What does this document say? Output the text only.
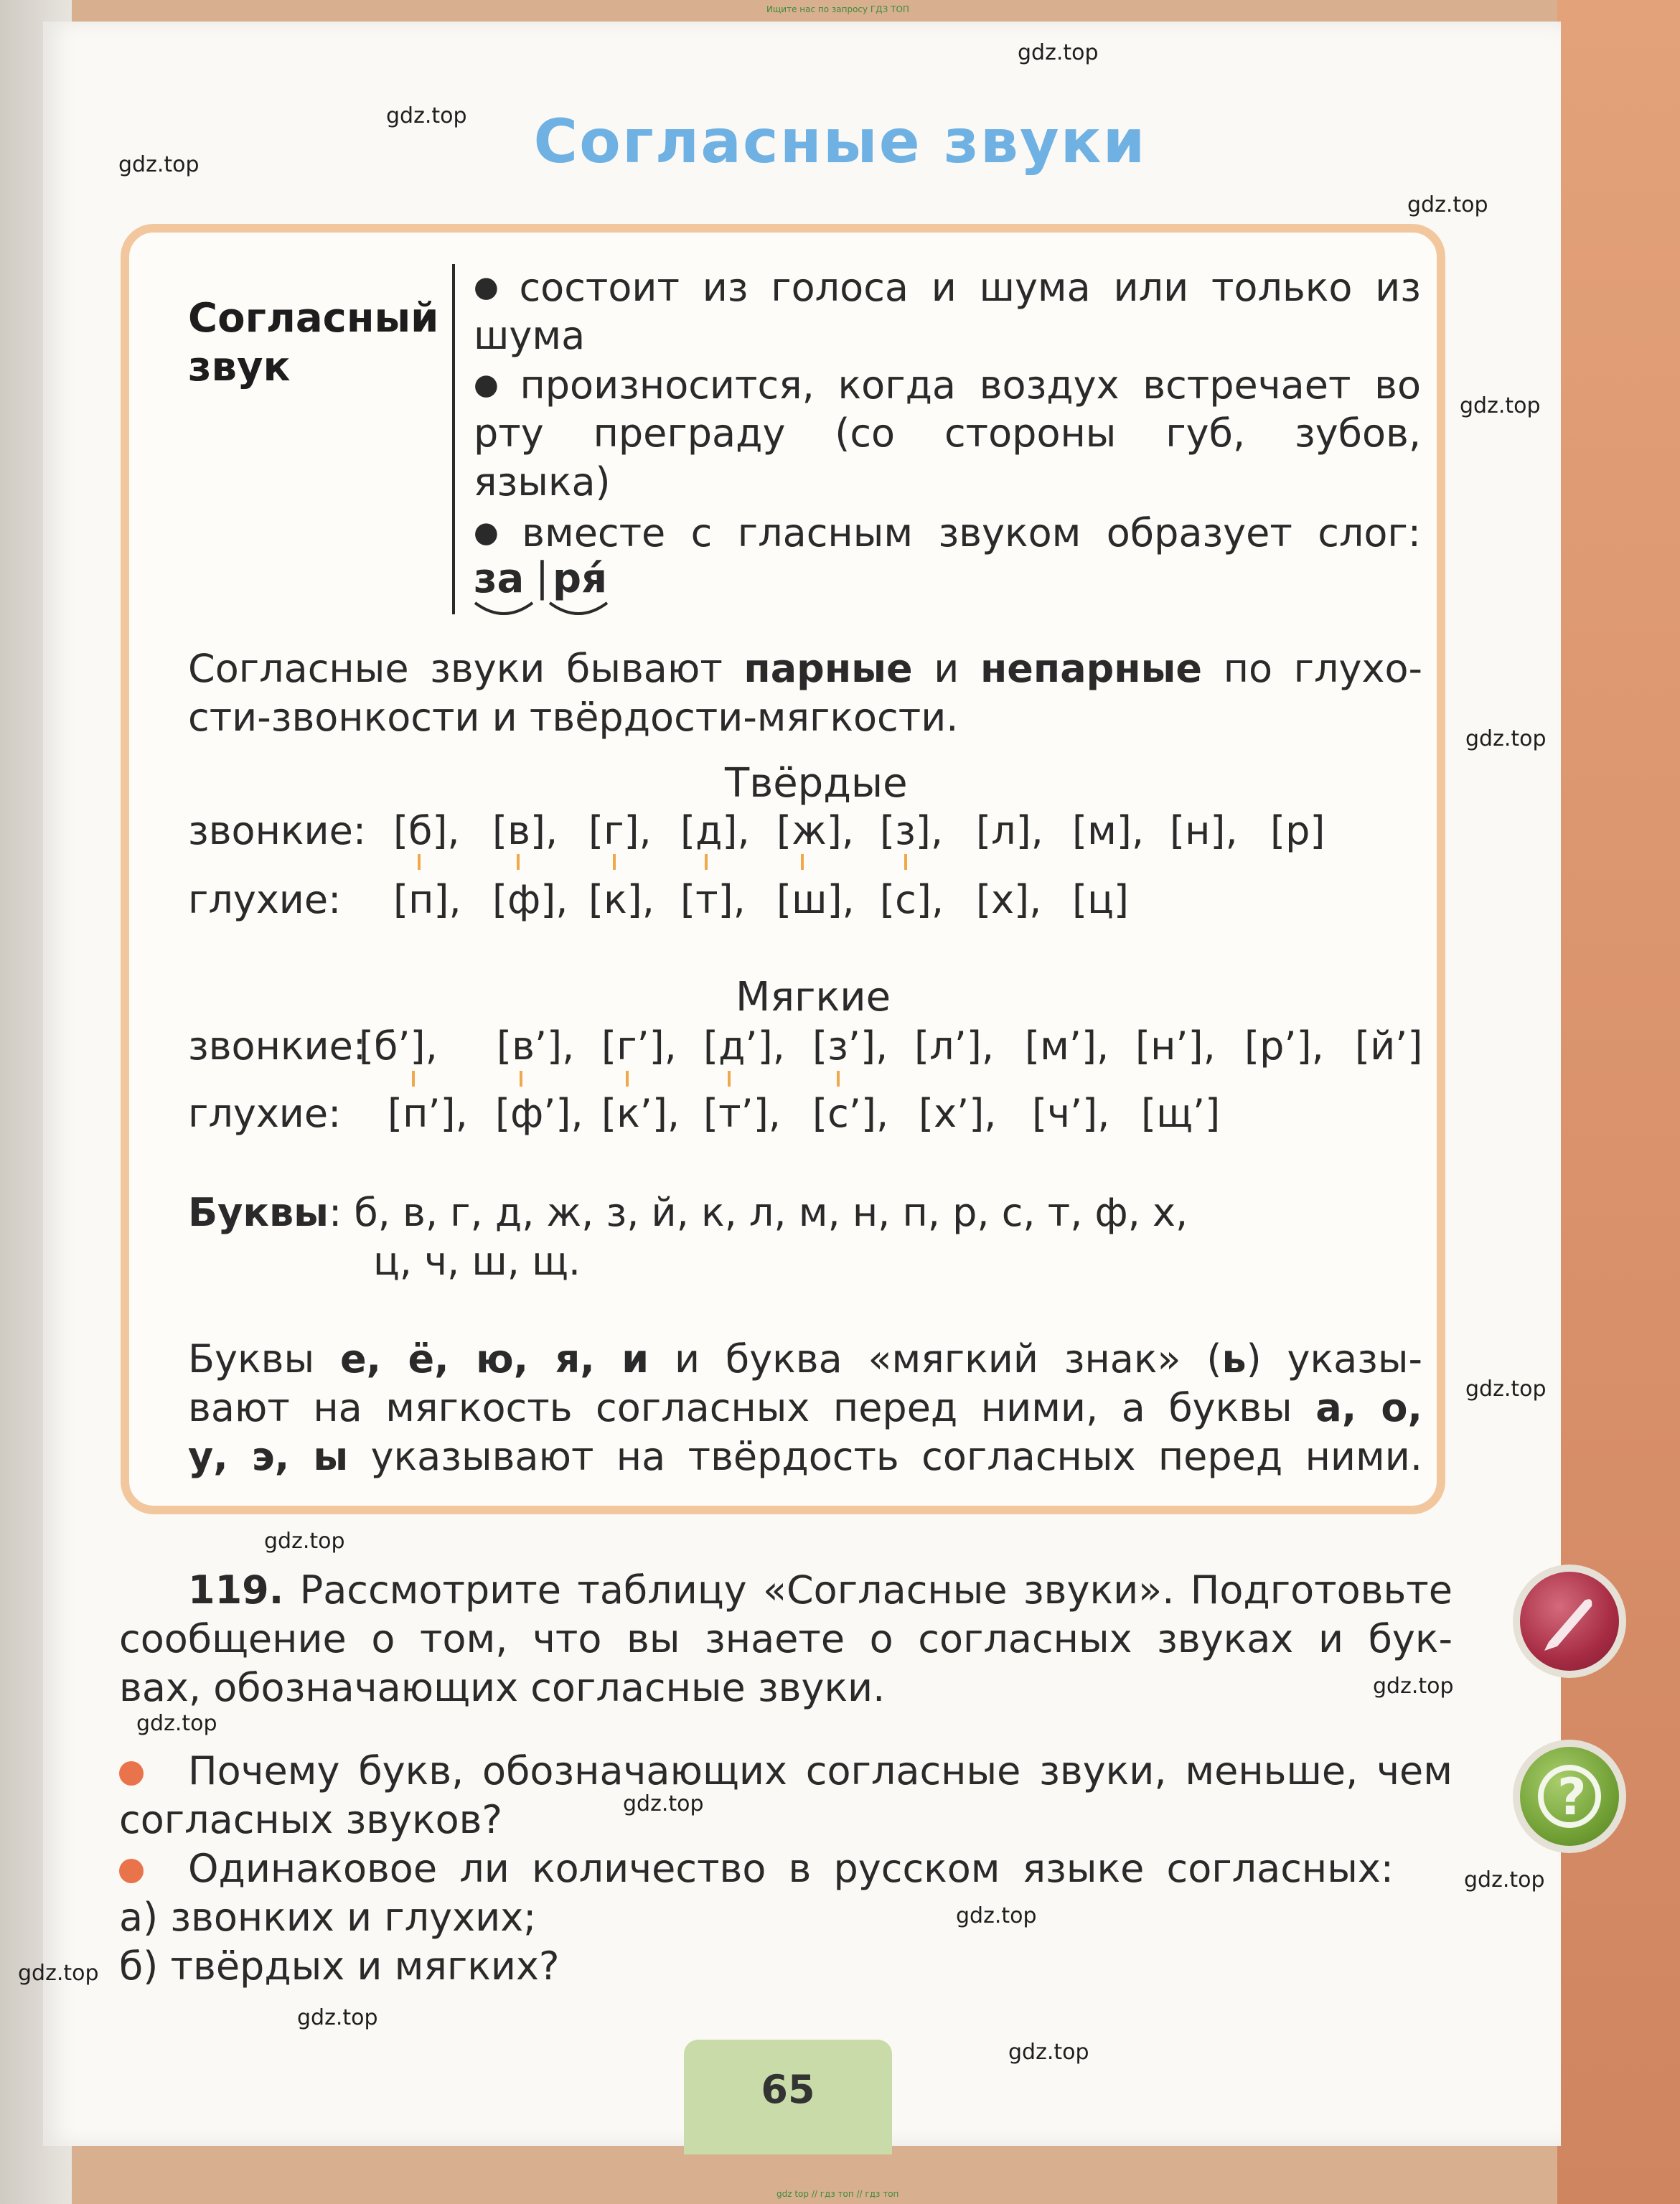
Ищите нас по запросу ГДЗ ТОП
gdz top // гдз топ // гдз топ
gdz.top
gdz.top
gdz.top
gdz.top
gdz.top
gdz.top
gdz.top
gdz.top
gdz.top
gdz.top
gdz.top
gdz.top
gdz.top
gdz.top
gdz.top
gdz.top
Согласные звуки
Согласный
звук
● состоит из голоса и шума или только из
шума
● произносится, когда воздух встречает во
рту преграду (со стороны губ, зубов,
языка)
● вместе с гласным звуком образует слог:
за | ря́
Согласные звуки бывают парные и непарные по глухо-
сти-звонкости и твёрдости-мягкости.
Твёрдые
звонкие:
глухие:
[б], [в], [г], [д], [ж], [з], [л], [м], [н], [р]
[п], [ф], [к], [т], [ш], [с], [х], [ц]
Мягкие
звонкие:
глухие:
[б’], [в’], [г’], [д’], [з’], [л’], [м’], [н’], [р’], [й’]
[п’], [ф’], [к’], [т’], [с’], [х’], [ч’], [щ’]
Буквы: б, в, г, д, ж, з, й, к, л, м, н, п, р, с, т, ф, х,
ц, ч, ш, щ.
Буквы е, ё, ю, я, и и буква «мягкий знак» (ь) указы-
вают на мягкость согласных перед ними, а буквы а, о,
у, э, ы указывают на твёрдость согласных перед ними.
119. Рассмотрите таблицу «Согласные звуки». Подготовьте
сообщение о том, что вы знаете о согласных звуках и бук-
вах, обозначающих согласные звуки.
Почему букв, обозначающих согласные звуки, меньше, чем
согласных звуков?
Одинаковое ли количество в русском языке согласных:
а) звонких и глухих;
б) твёрдых и мягких?
?
65
